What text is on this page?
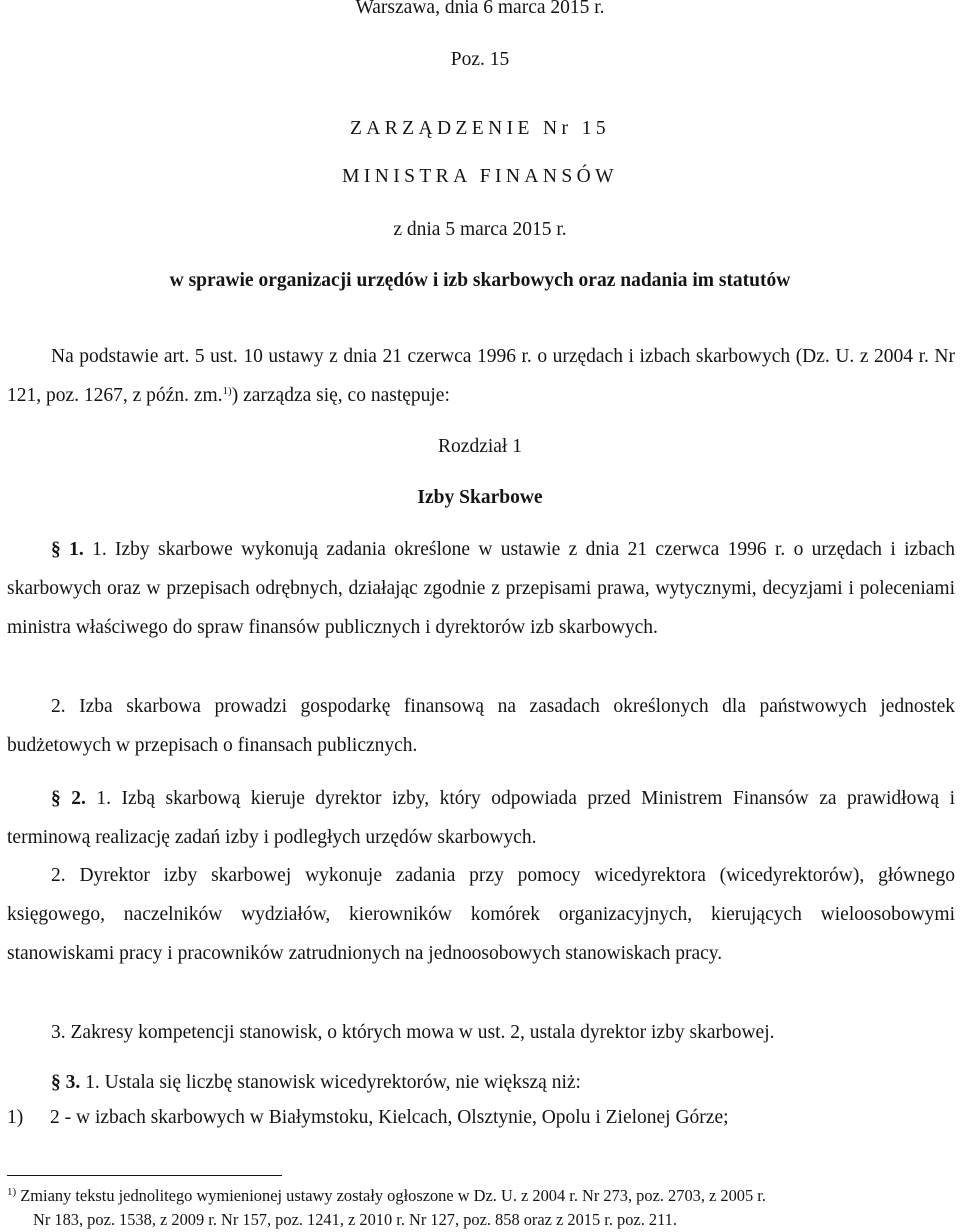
Warszawa, dnia 6 marca 2015 r.
Poz. 15
ZARZĄDZENIE Nr 15
MINISTRA FINANSÓW
z dnia 5 marca 2015 r.
w sprawie organizacji urzędów i izb skarbowych oraz nadania im statutów

Na podstawie art. 5 ust. 10 ustawy z dnia 21 czerwca 1996 r. o urzędach i izbach skarbowych (Dz. U. z 2004 r. Nr 121, poz. 1267, z późn. zm.$^{1)}$) zarządza się, co następuje:

Rozdział 1
Izby Skarbowe

§ 1. 1. Izby skarbowe wykonują zadania określone w ustawie z dnia 21 czerwca 1996 r. o urzędach i izbach skarbowych oraz w przepisach odrębnych, działając zgodnie z przepisami prawa, wytycznymi, decyzjami i poleceniami ministra właściwego do spraw finansów publicznych i dyrektorów izb skarbowych.

2. Izba skarbowa prowadzi gospodarkę finansową na zasadach określonych dla państwowych jednostek budżetowych w przepisach o finansach publicznych.

§ 2. 1. Izbą skarbową kieruje dyrektor izby, który odpowiada przed Ministrem Finansów za prawidłową i terminową realizację zadań izby i podległych urzędów skarbowych.

2. Dyrektor izby skarbowej wykonuje zadania przy pomocy wicedyrektora (wicedyrektorów), głównego księgowego, naczelników wydziałów, kierowników komórek organizacyjnych, kierujących wieloosobowymi stanowiskami pracy i pracowników zatrudnionych na jednoosobowych stanowiskach pracy.

3. Zakresy kompetencji stanowisk, o których mowa w ust. 2, ustala dyrektor izby skarbowej.

§ 3. 1. Ustala się liczbę stanowisk wicedyrektorów, nie większą niż:

1) 2 - w izbach skarbowych w Białymstoku, Kielcach, Olsztynie, Opolu i Zielonej Górze;
$^{1)}$ Zmiany tekstu jednolitego wymienionej ustawy zostały ogłoszone w Dz. U. z 2004 r. Nr 273, poz. 2703, z 2005 r.
Nr 183, poz. 1538, z 2009 r. Nr 157, poz. 1241, z 2010 r. Nr 127, poz. 858 oraz z 2015 r. poz. 211.
